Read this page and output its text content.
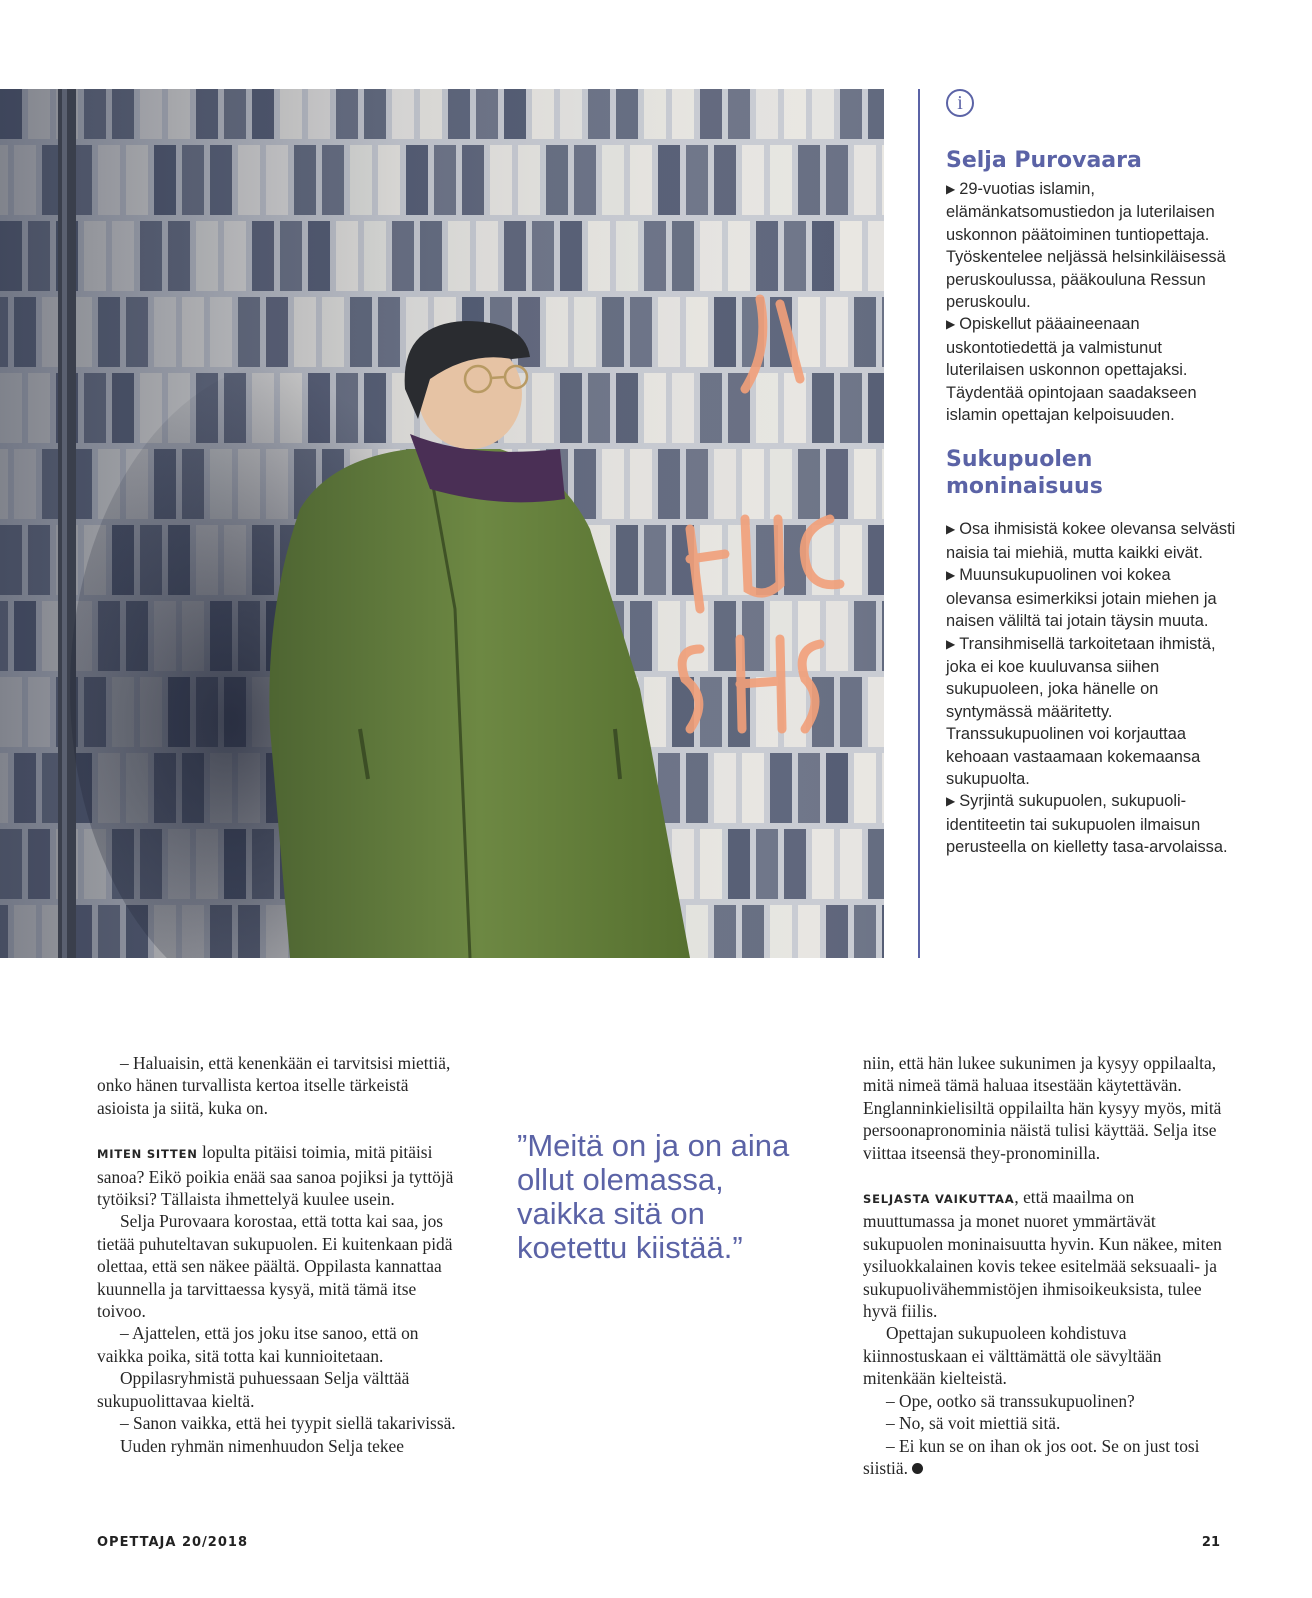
i
Selja Purovaara

▶ 29-vuotias islamin, elämänkatsomustiedon ja luterilaisen uskonnon päätoiminen tuntiopettaja. Työskentelee neljässä helsinkiläisessä peruskoulussa, pääkouluna Ressun peruskoulu.

▶ Opiskellut pääaineenaan uskontotiedettä ja valmistunut luterilaisen uskonnon opettajaksi. Täydentää opintojaan saadakseen islamin opettajan kelpoisuuden.

Sukupuolen moninaisuus

▶ Osa ihmisistä kokee olevansa selvästi naisia tai miehiä, mutta kaikki eivät.

▶ Muunsukupuolinen voi kokea olevansa esimerkiksi jotain miehen ja naisen väliltä tai jotain täysin muuta.

▶ Transihmisellä tarkoitetaan ihmistä, joka ei koe kuuluvansa siihen sukupuoleen, joka hänelle on syntymässä määritetty. Transsukupuolinen voi korjauttaa kehoaan vastaamaan kokemaansa sukupuolta.

▶ Syrjintä sukupuolen, sukupuoli-identiteetin tai sukupuolen ilmaisun perusteella on kielletty tasa-arvolaissa.

– Haluaisin, että kenenkään ei tarvitsisi miettiä, onko hänen turvallista kertoa itselle tärkeistä asioista ja siitä, kuka on.

MITEN SITTEN lopulta pitäisi toimia, mitä pitäisi sanoa? Eikö poikia enää saa sanoa pojiksi ja tyttöjä tytöiksi? Tällaista ihmettelyä kuulee usein.

Selja Purovaara korostaa, että totta kai saa, jos tietää puhuteltavan sukupuolen. Ei kuitenkaan pidä olettaa, että sen näkee päältä. Oppilasta kannattaa kuunnella ja tarvittaessa kysyä, mitä tämä itse toivoo.

– Ajattelen, että jos joku itse sanoo, että on vaikka poika, sitä totta kai kunnioitetaan.

Oppilasryhmistä puhuessaan Selja välttää sukupuolittavaa kieltä.

– Sanon vaikka, että hei tyypit siellä takarivissä.

Uuden ryhmän nimenhuudon Selja tekee

”Meitä on ja on aina ollut olemassa, vaikka sitä on koetettu kiistää.”

niin, että hän lukee sukunimen ja kysyy oppilaalta, mitä nimeä tämä haluaa itsestään käytettävän. Englanninkielisiltä oppilailta hän kysyy myös, mitä persoonapronominia näistä tulisi käyttää. Selja itse viittaa itseensä they-pronominilla.

SELJASTA VAIKUTTAA, että maailma on muuttumassa ja monet nuoret ymmärtävät sukupuolen moninaisuutta hyvin. Kun näkee, miten ysiluokkalainen kovis tekee esitelmää seksuaali- ja sukupuolivähemmistöjen ihmisoikeuksista, tulee hyvä fiilis.

Opettajan sukupuoleen kohdistuva kiinnostuskaan ei välttämättä ole sävyltään mitenkään kielteistä.

– Ope, ootko sä transsukupuolinen?

– No, sä voit miettiä sitä.

– Ei kun se on ihan ok jos oot. Se on just tosi siistiä.

OPETTAJA 20/2018	21
